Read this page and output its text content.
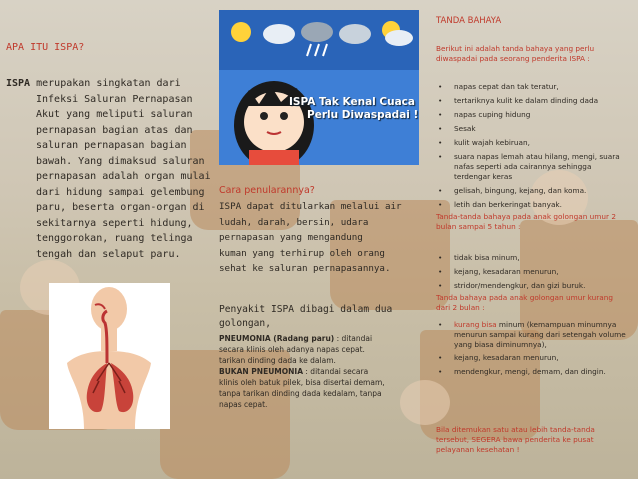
APA ITU ISPA?
ISPA merupakan singkatan dari
Infeksi Saluran Pernapasan
Akut yang meliputi saluran
pernapasan bagian atas dan
saluran pernapasan bagian
bawah. Yang dimaksud saluran
pernapasan adalah organ mulai
dari hidung sampai gelembung
paru, beserta organ-organ di
sekitarnya seperti hidung,
tenggorokan, ruang telinga
tengah dan selaput paru.
ISPA Tak Kenal Cuaca
Perlu Diwaspadai !
Cara penularannya?
ISPA dapat ditularkan melalui air
ludah, darah, bersin, udara
pernapasan yang mengandung
kuman yang terhirup oleh orang
sehat ke saluran pernapasannya.
Penyakit ISPA dibagi dalam dua
golongan,
PNEUMONIA (Radang paru) : ditandai
secara klinis oleh adanya napas cepat.
tarikan dinding dada ke dalam.
BUKAN PNEUMONIA : ditandai secara
klinis oleh batuk pilek, bisa disertai demam,
tanpa tarikan dinding dada kedalam, tanpa
napas cepat.
TANDA BAHAYA
Berikut ini adalah tanda bahaya yang perlu diwaspadai pada seorang penderita ISPA :
• napas cepat dan tak teratur,
• tertariknya kulit ke dalam dinding dada
• napas cuping hidung
• Sesak
• kulit wajah kebiruan,
• suara napas lemah atau hilang, mengi, suara nafas seperti ada cairannya sehingga terdengar keras
• gelisah, bingung, kejang, dan koma.
• letih dan berkeringat banyak.
Tanda-tanda bahaya pada anak golongan umur 2 bulan sampai 5 tahun :
• tidak bisa minum,
• kejang, kesadaran menurun,
• stridor/mendengkur, dan gizi buruk.
Tanda bahaya pada anak golongan umur kurang dari 2 bulan :
• kurang bisa minum (kemampuan minumnya menurun sampai kurang dari setengah volume yang biasa diminumnya),
• kejang, kesadaran menurun,
• mendengkur, mengi, demam, dan dingin.
Bila ditemukan satu atau lebih tanda-tanda tersebut, SEGERA bawa penderita ke pusat pelayanan kesehatan !
